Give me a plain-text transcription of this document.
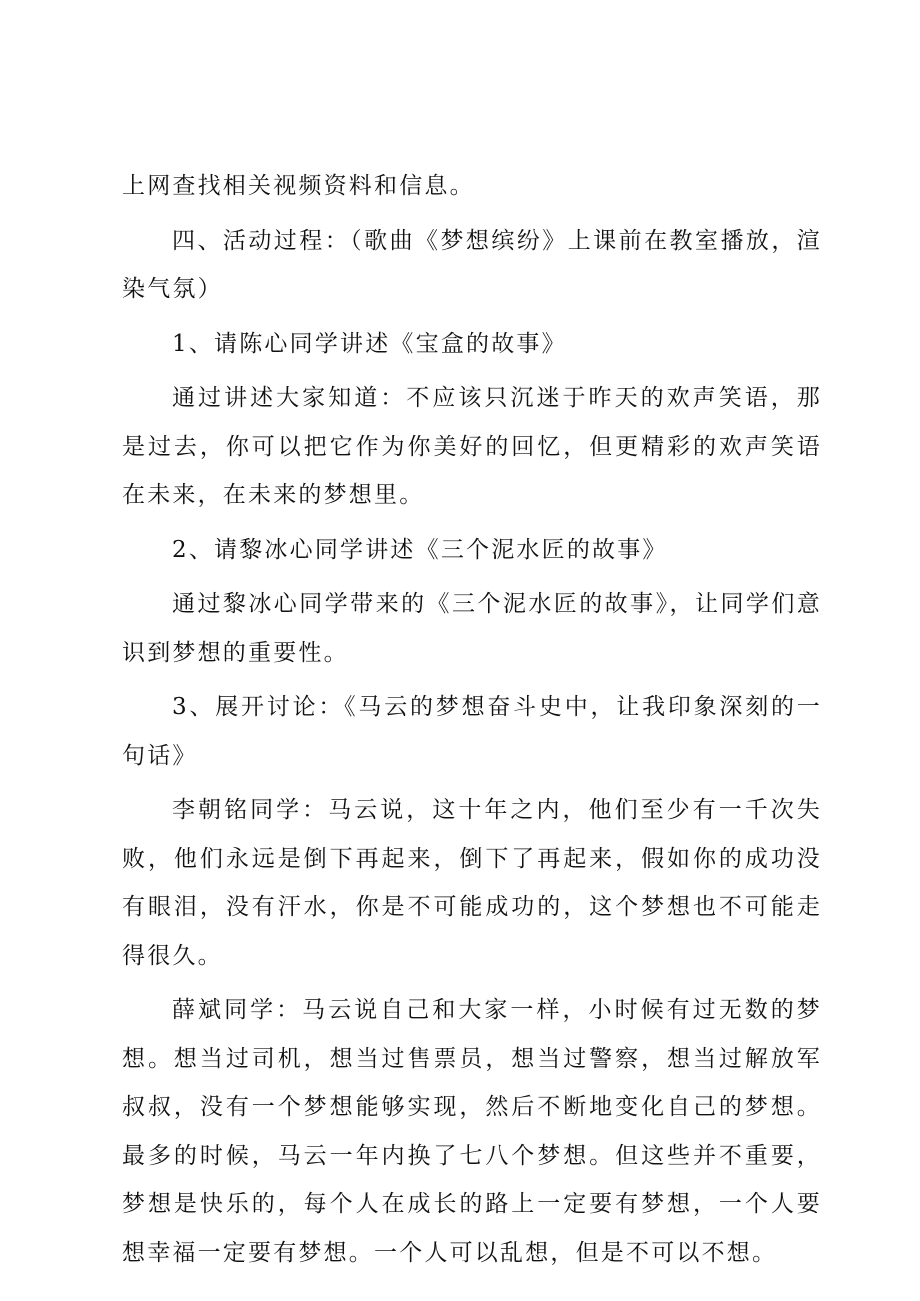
上网查找相关视频资料和信息。

四、活动过程：（歌曲《梦想缤纷》上课前在教室播放，渲染气氛）

1、请陈心同学讲述《宝盒的故事》

通过讲述大家知道：不应该只沉迷于昨天的欢声笑语，那是过去，你可以把它作为你美好的回忆，但更精彩的欢声笑语在未来，在未来的梦想里。

2、请黎冰心同学讲述《三个泥水匠的故事》

通过黎冰心同学带来的《三个泥水匠的故事》，让同学们意识到梦想的重要性。

3、展开讨论：《马云的梦想奋斗史中，让我印象深刻的一句话》

李朝铭同学：马云说，这十年之内，他们至少有一千次失败，他们永远是倒下再起来，倒下了再起来，假如你的成功没有眼泪，没有汗水，你是不可能成功的，这个梦想也不可能走得很久。

薛斌同学：马云说自己和大家一样，小时候有过无数的梦想。想当过司机，想当过售票员，想当过警察，想当过解放军叔叔，没有一个梦想能够实现，然后不断地变化自己的梦想。最多的时候，马云一年内换了七八个梦想。但这些并不重要，梦想是快乐的，每个人在成长的路上一定要有梦想，一个人要想幸福一定要有梦想。一个人可以乱想，但是不可以不想。
